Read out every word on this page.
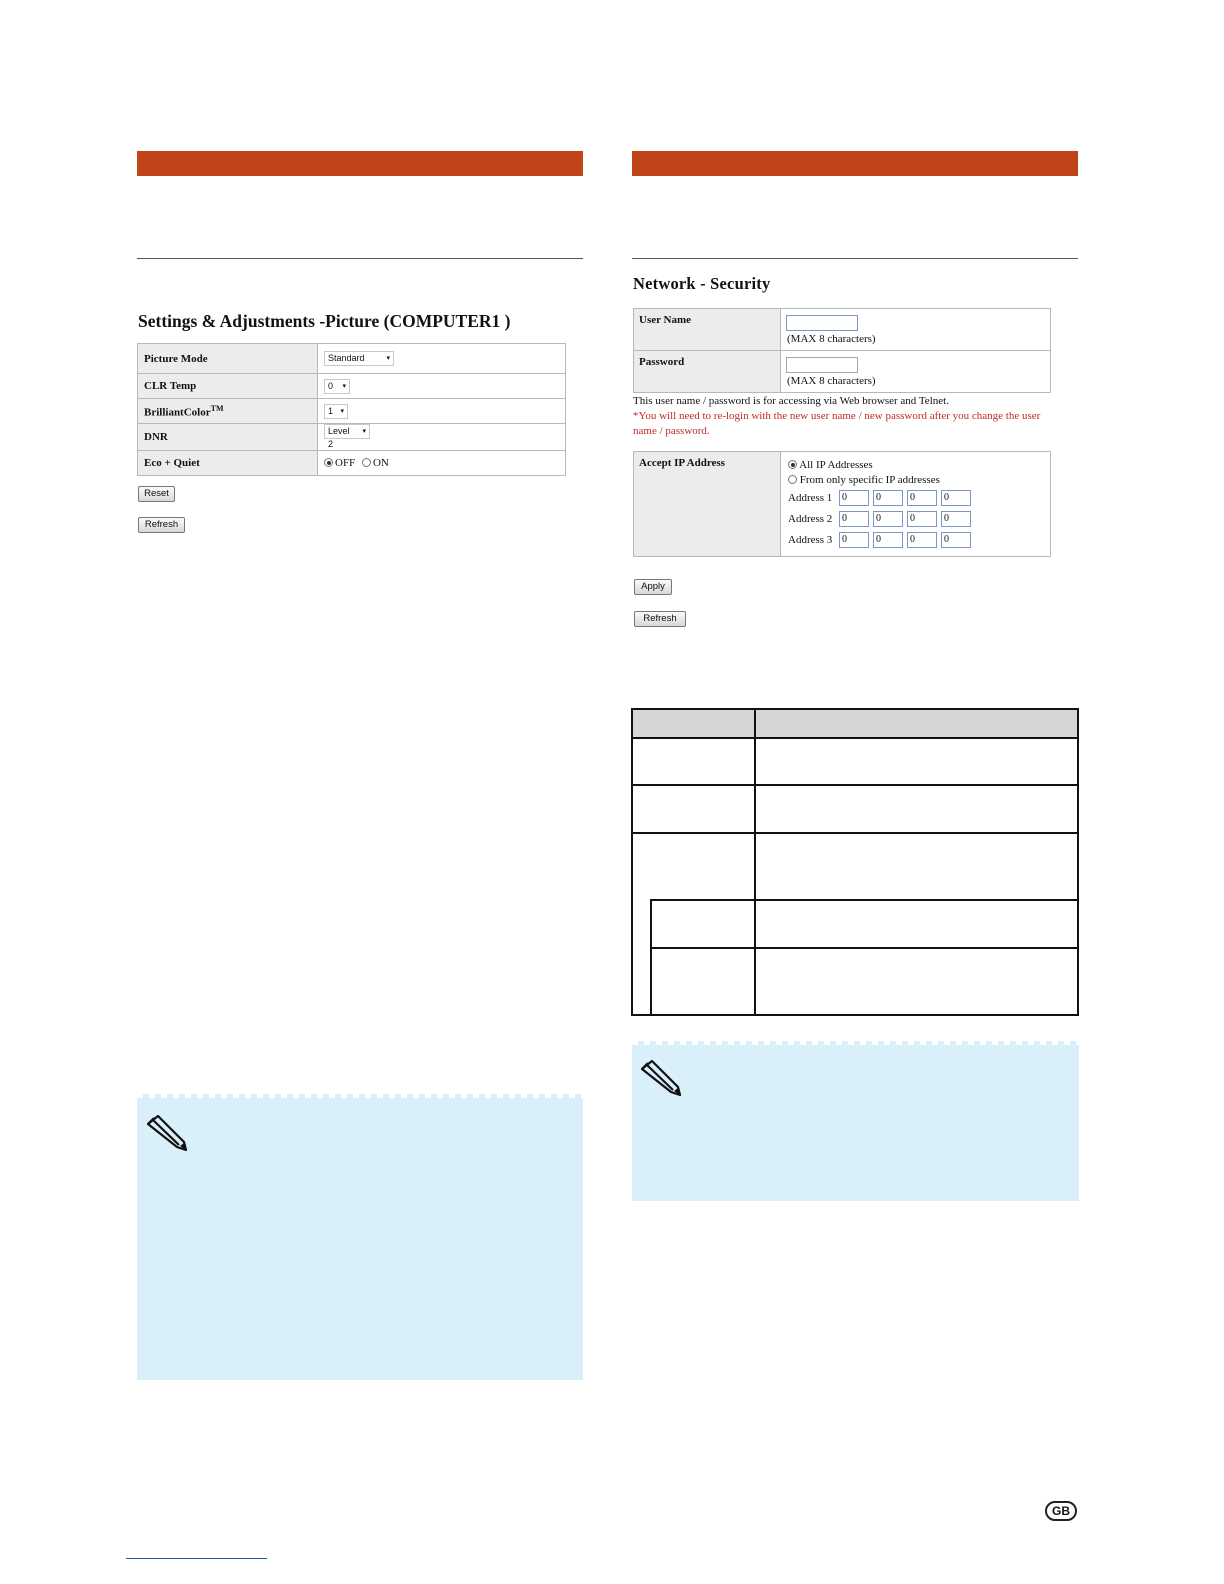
Settings & Adjustments -Picture (COMPUTER1 )
Picture Mode	Standard ▾

CLR Temp	0 ▾

BrilliantColor™	1 ▾

DNR	Level 2
▾

Eco + Quiet	OFF ON
Reset
Refresh
Network - Security
User Name
(MAX 8 characters)
Password
(MAX 8 characters)
This user name / password is for accessing via Web browser and Telnet.
*You will need to re-login with the new user name / new password after you change the user name / password.
Accept IP Address	All IP Addresses
From only specific IP addresses
Address 1 0	0	0	0
Address 2 0	0	0	0
Address 3 0	0	0	0
Apply
Refresh
GB
